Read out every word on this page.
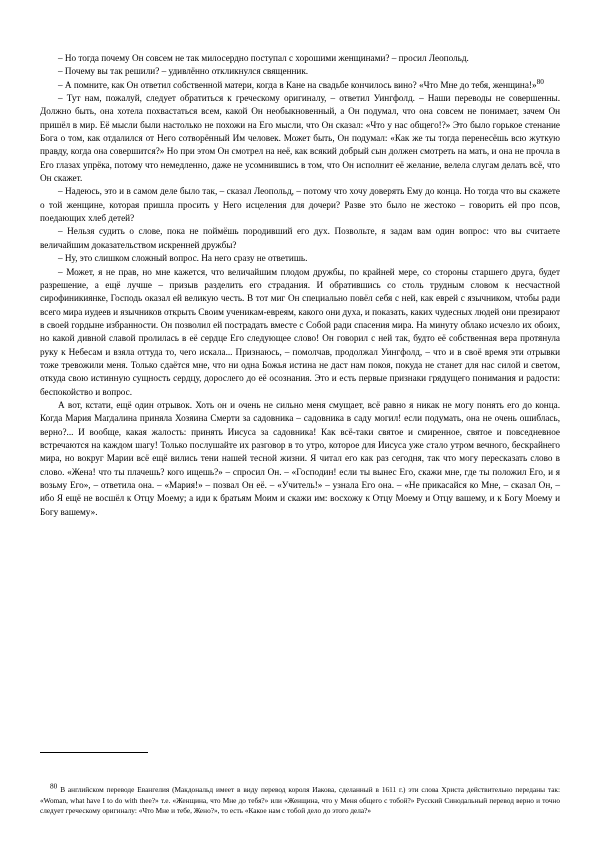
– Но тогда почему Он совсем не так милосердно поступал с хорошими женщинами? – просил Леопольд.

– Почему вы так решили? – удивлённо откликнулся священник.

– А помните, как Он ответил собственной матери, когда в Кане на свадьбе кончилось вино? «Что Мне до тебя, женщина!»$^{80}$

– Тут нам, пожалуй, следует обратиться к греческому оригиналу, – ответил Уингфолд. – Наши переводы не совершенны. Должно быть, она хотела похвастаться всем, какой Он необыкновенный, а Он подумал, что она совсем не понимает, зачем Он пришёл в мир. Её мысли были настолько не похожи на Его мысли, что Он сказал: «Что у нас общего!?» Это было горькое стенание Бога о том, как отдалился от Него сотворённый Им человек. Может быть, Он подумал: «Как же ты тогда перенесёшь всю жуткую правду, когда она совершится?» Но при этом Он смотрел на неё, как всякий добрый сын должен смотреть на мать, и она не прочла в Его глазах упрёка, потому что немедленно, даже не усомнившись в том, что Он исполнит её желание, велела слугам делать всё, что Он скажет.

– Надеюсь, это и в самом деле было так, – сказал Леопольд, – потому что хочу доверять Ему до конца. Но тогда что вы скажете о той женщине, которая пришла просить у Него исцеления для дочери? Разве это было не жестоко – говорить ей про псов, поедающих хлеб детей?

– Нельзя судить о слове, пока не поймёшь породивший его дух. Позвольте, я задам вам один вопрос: что вы считаете величайшим доказательством искренней дружбы?

– Ну, это слишком сложный вопрос. На него сразу не ответишь.

– Может, я не прав, но мне кажется, что величайшим плодом дружбы, по крайней мере, со стороны старшего друга, будет разрешение, а ещё лучше – призыв разделить его страдания. И обратившись со столь трудным словом к несчастной сирофиникиянке, Господь оказал ей великую честь. В тот миг Он специально повёл себя с ней, как еврей с язычником, чтобы ради всего мира иудеев и язычников открыть Своим ученикам-евреям, какого они духа, и показать, каких чудесных людей они презирают в своей гордыне избранности. Он позволил ей пострадать вместе с Собой ради спасения мира. На минуту облако исчезло их обоих, но какой дивной славой пролилась в её сердце Его следующее слово! Он говорил с ней так, будто её собственная вера протянула руку к Небесам и взяла оттуда то, чего искала... Признаюсь, – помолчав, продолжал Уингфолд, – что и в своё время эти отрывки тоже тревожили меня. Только сдаётся мне, что ни одна Божья истина не даст нам покоя, покуда не станет для нас силой и светом, откуда свою истинную сущность сердцу, дорослего до её осознания. Это и есть первые признаки грядущего понимания и радости: беспокойство и вопрос.

А вот, кстати, ещё один отрывок. Хоть он и очень не сильно меня смущает, всё равно я никак не могу понять его до конца. Когда Мария Магдалина приняла Хозяина Смерти за садовника – садовника в саду могил! если подумать, она не очень ошиблась, верно?... И вообще, какая жалость: принять Иисуса за садовника! Как всё-таки святое и смиренное, святое и повседневное встречаются на каждом шагу! Только послушайте их разговор в то утро, которое для Иисуса уже стало утром вечного, бескрайнего мира, но вокруг Марии всё ещё вились тени нашей тесной жизни. Я читал его как раз сегодня, так что могу пересказать слово в слово. «Жена! что ты плачешь? кого ищешь?» – спросил Он. – «Господин! если ты вынес Его, скажи мне, где ты положил Его, и я возьму Его», – ответила она. – «Мария!» – позвал Он её. – «Учитель!» – узнала Его она. – «Не прикасайся ко Мне, – сказал Он, – ибо Я ещё не восшёл к Отцу Моему; а иди к братьям Моим и скажи им: восхожу к Отцу Моему и Отцу вашему, и к Богу Моему и Богу вашему».

$^{80}$ В английском переводе Евангелия (Макдональд имеет в виду перевод короля Иакова, сделанный в 1611 г.) эти слова Христа действительно переданы так: «Woman, what have I to do with thee?» т.е. «Женщина, что Мне до тебя?» или «Женщина, что у Меня общего с тобой?» Русский Синодальный перевод верно и точно следует греческому оригиналу: «Что Мне и тебе, Жено?», то есть «Какое нам с тобой дело до этого дела?»
